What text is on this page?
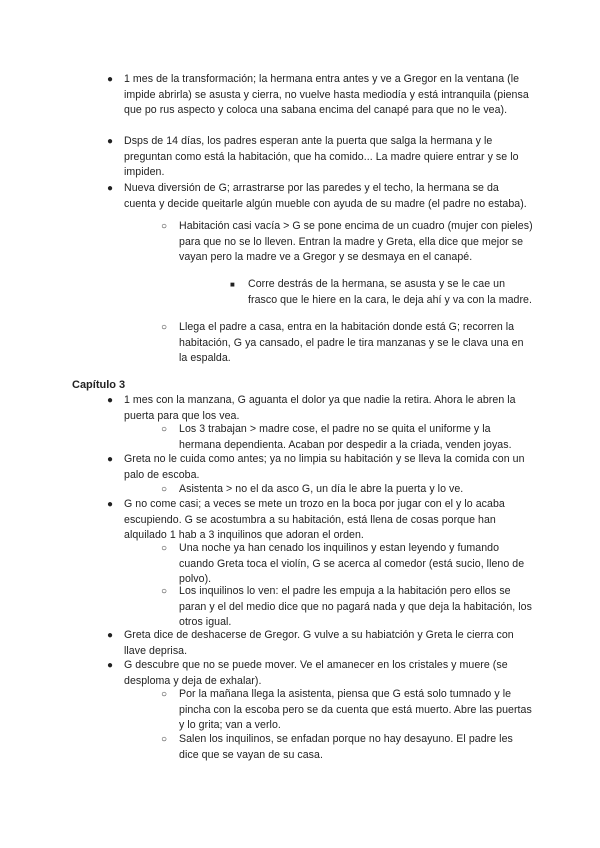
● 1 mes de la transformación; la hermana entra antes y ve a Gregor en la ventana (le impide abrirla) se asusta y cierra, no vuelve hasta mediodía y está intranquila (piensa que po rus aspecto y coloca una sabana encima del canapé para que no le vea).
● Dsps de 14 días, los padres esperan ante la puerta que salga la hermana y le preguntan como está la habitación, que ha comido... La madre quiere entrar y se lo impiden.
● Nueva diversión de G; arrastrarse por las paredes y el techo, la hermana se da cuenta y decide queitarle algún mueble con ayuda de su madre (el padre no estaba).
○ Habitación casi vacía > G se pone encima de un cuadro (mujer con pieles) para que no se lo lleven. Entran la madre y Greta, ella dice que mejor se vayan pero la madre ve a Gregor y se desmaya en el canapé.
■ Corre destrás de la hermana, se asusta y se le cae un frasco que le hiere en la cara, le deja ahí y va con la madre.
○ Llega el padre a casa, entra en la habitación donde está G; recorren la habitación, G ya cansado, el padre le tira manzanas y se le clava una en la espalda.
Capítulo 3
● 1 mes con la manzana, G aguanta el dolor ya que nadie la retira. Ahora le abren la puerta para que los vea.
○ Los 3 trabajan > madre cose, el padre no se quita el uniforme y la hermana dependienta. Acaban por despedir a la criada, venden joyas.
● Greta no le cuida como antes; ya no limpia su habitación y se lleva la comida con un palo de escoba.
○ Asistenta > no el da asco G, un día le abre la puerta y lo ve.
● G no come casi; a veces se mete un trozo en la boca por jugar con el y lo acaba escupiendo. G se acostumbra a su habitación, está llena de cosas porque han alquilado 1 hab a 3 inquilinos que adoran el orden.
○ Una noche ya han cenado los inquilinos y estan leyendo y fumando cuando Greta toca el violín, G se acerca al comedor (está sucio, lleno de polvo).
○ Los inquilinos lo ven: el padre les empuja a la habitación pero ellos se paran y el del medio dice que no pagará nada y que deja la habitación, los otros igual.
● Greta dice de deshacerse de Gregor. G vulve a su habiatción y Greta le cierra con llave deprisa.
● G descubre que no se puede mover. Ve el amanecer en los cristales y muere (se desploma y deja de exhalar).
○ Por la mañana llega la asistenta, piensa que G está solo tumnado y le pincha con la escoba pero se da cuenta que está muerto. Abre las puertas y lo grita; van a verlo.
○ Salen los inquilinos, se enfadan porque no hay desayuno. El padre les dice que se vayan de su casa.
